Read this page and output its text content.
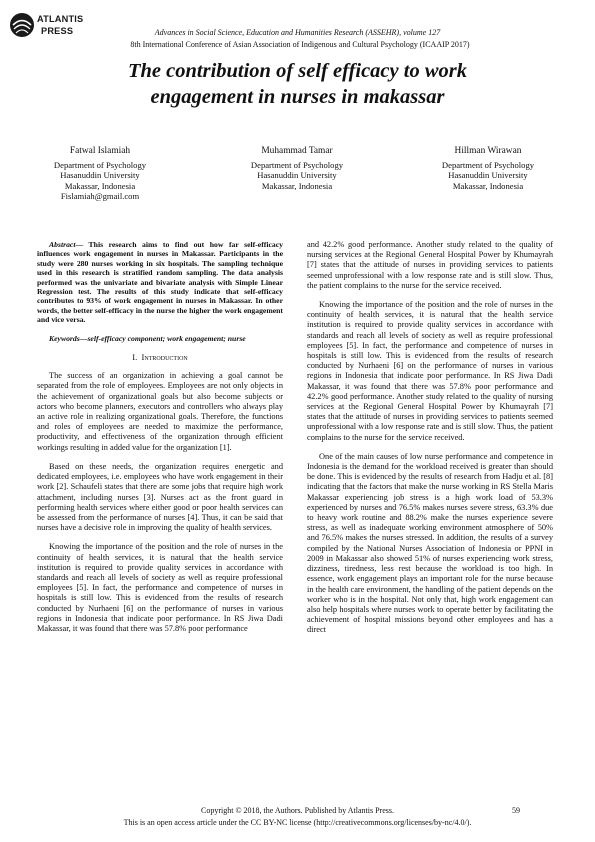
ATLANTIS
PRESS	Advances in Social Science, Education and Humanities Research (ASSEHR), volume 127
8th International Conference of Asian Association of Indigenous and Cultural Psychology (ICAAIP 2017)
The contribution of self efficacy to work
engagement in nurses in makassar
Fatwal Islamiah
Department of Psychology
Hasanuddin University
Makassar, Indonesia
Fislamiah@gmail.com
Muhammad Tamar
Department of Psychology
Hasanuddin University
Makassar, Indonesia
Hillman Wirawan
Department of Psychology
Hasanuddin University
Makassar, Indonesia

Abstract— This research aims to find out how far self-efficacy influences work engagement in nurses in Makassar. Participants in the study were 280 nurses working in six hospitals. The sampling technique used in this research is stratified random sampling. The data analysis performed was the univariate and bivariate analysis with Simple Linear Regression test. The results of this study indicate that self-efficacy contributes to 93% of work engagement in nurses in Makassar. In other words, the better self-efficacy in the nurse the higher the work engagement and vice versa.

Keywords—self-efficacy component; work engagement; nurse

I. Introduction

The success of an organization in achieving a goal cannot be separated from the role of employees. Employees are not only objects in the achievement of organizational goals but also become subjects or actors who become planners, executors and controllers who always play an active role in realizing organizational goals. Therefore, the functions and roles of employees are needed to maximize the performance, productivity, and effectiveness of the organization through efficient workings resulting in added value for the organization [1].

Based on these needs, the organization requires energetic and dedicated employees, i.e. employees who have work engagement in their work [2]. Schaufeli states that there are some jobs that require high work attachment, including nurses [3]. Nurses act as the front guard in performing health services where either good or poor health services can be assessed from the performance of nurses [4]. Thus, it can be said that nurses have a decisive role in improving the quality of health services.

Knowing the importance of the position and the role of nurses in the continuity of health services, it is natural that the health service institution is required to provide quality services in accordance with standards and reach all levels of society as well as require professional employees [5]. In fact, the performance and competence of nurses in hospitals is still low. This is evidenced from the results of research conducted by Nurhaeni [6] on the performance of nurses in various regions in Indonesia that indicate poor performance. In RS Jiwa Dadi Makassar, it was found that there was 57.8% poor performance

and 42.2% good performance. Another study related to the quality of nursing services at the Regional General Hospital Power by Khumayrah [7] states that the attitude of nurses in providing services to patients seemed unprofessional with a low response rate and is still slow. Thus, the patient complains to the nurse for the service received.

Knowing the importance of the position and the role of nurses in the continuity of health services, it is natural that the health service institution is required to provide quality services in accordance with standards and reach all levels of society as well as require professional employees [5]. In fact, the performance and competence of nurses in hospitals is still low. This is evidenced from the results of research conducted by Nurhaeni [6] on the performance of nurses in various regions in Indonesia that indicate poor performance. In RS Jiwa Dadi Makassar, it was found that there was 57.8% poor performance and 42.2% good performance. Another study related to the quality of nursing services at the Regional General Hospital Power by Khumayrah [7] states that the attitude of nurses in providing services to patients seemed unprofessional with a low response rate and is still slow. Thus, the patient complains to the nurse for the service received.

One of the main causes of low nurse performance and competence in Indonesia is the demand for the workload received is greater than should be done. This is evidenced by the results of research from Hadju et al. [8] indicating that the factors that make the nurse working in RS Stella Maris Makassar experiencing job stress is a high work load of 53.3% experienced by nurses and 76.5% makes nurses severe stress, 63.3% due to heavy work routine and 88.2% make the nurses experience severe stress, as well as inadequate working environment atmosphere of 50% and 76.5% makes the nurses stressed. In addition, the results of a survey compiled by the National Nurses Association of Indonesia or PPNI in 2009 in Makassar also showed 51% of nurses experiencing work stress, dizziness, tiredness, less rest because the workload is too high. In essence, work engagement plays an important role for the nurse because in the health care environment, the handling of the patient depends on the worker who is in the hospital. Not only that, high work engagement can also help hospitals where nurses work to operate better by facilitating the achievement of hospital missions beyond other employees and has a direct

Copyright © 2018, the Authors. Published by Atlantis Press.	59
This is an open access article under the CC BY-NC license (http://creativecommons.org/licenses/by-nc/4.0/).
